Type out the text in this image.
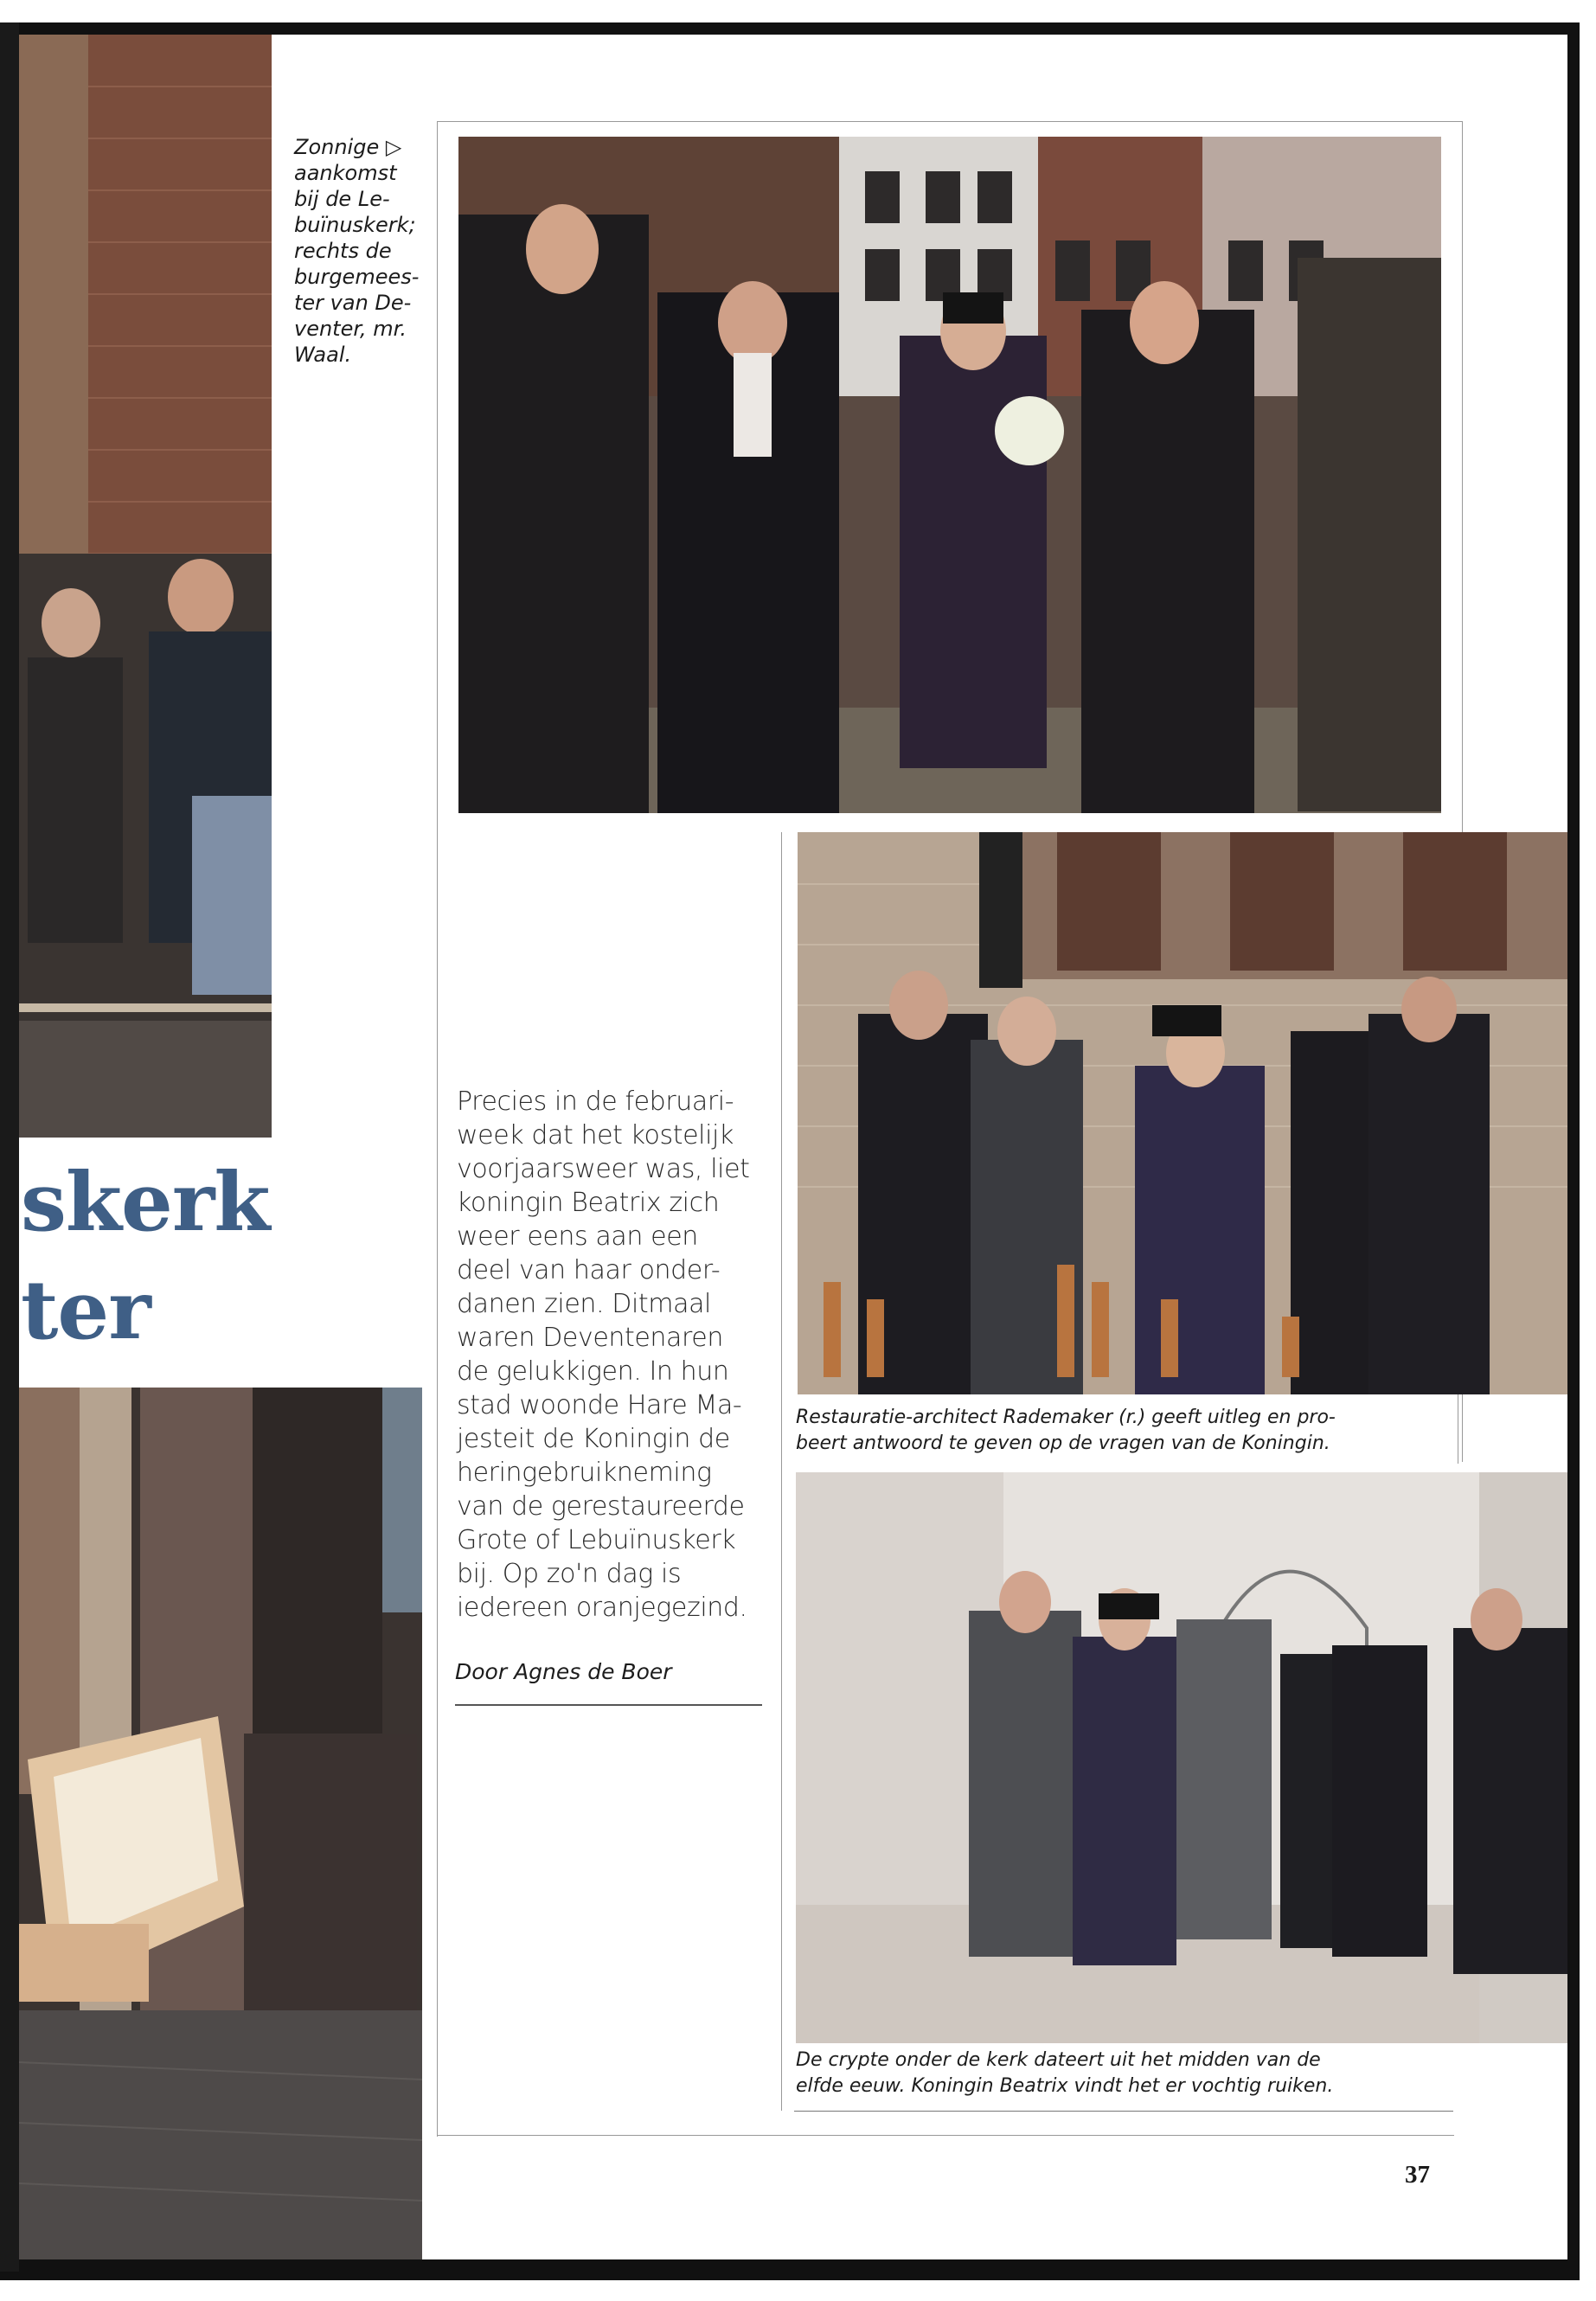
skerk
ter
Zonnige ▷
aankomst
bij de Le-
buïnuskerk;
rechts de
burgemees-
ter van De-
venter, mr.
Waal.
Restauratie-architect Rademaker (r.) geeft uitleg en pro-
beert antwoord te geven op de vragen van de Koningin.
De crypte onder de kerk dateert uit het midden van de
elfde eeuw. Koningin Beatrix vindt het er vochtig ruiken.
Precies in de februari-
week dat het kostelijk
voorjaarsweer was, liet
koningin Beatrix zich
weer eens aan een
deel van haar onder-
danen zien. Ditmaal
waren Deventenaren
de gelukkigen. In hun
stad woonde Hare Ma-
jesteit de Koningin de
heringebruikneming
van de gerestaureerde
Grote of Lebuïnuskerk
bij. Op zo'n dag is
iedereen oranjegezind.
Door Agnes de Boer
37
